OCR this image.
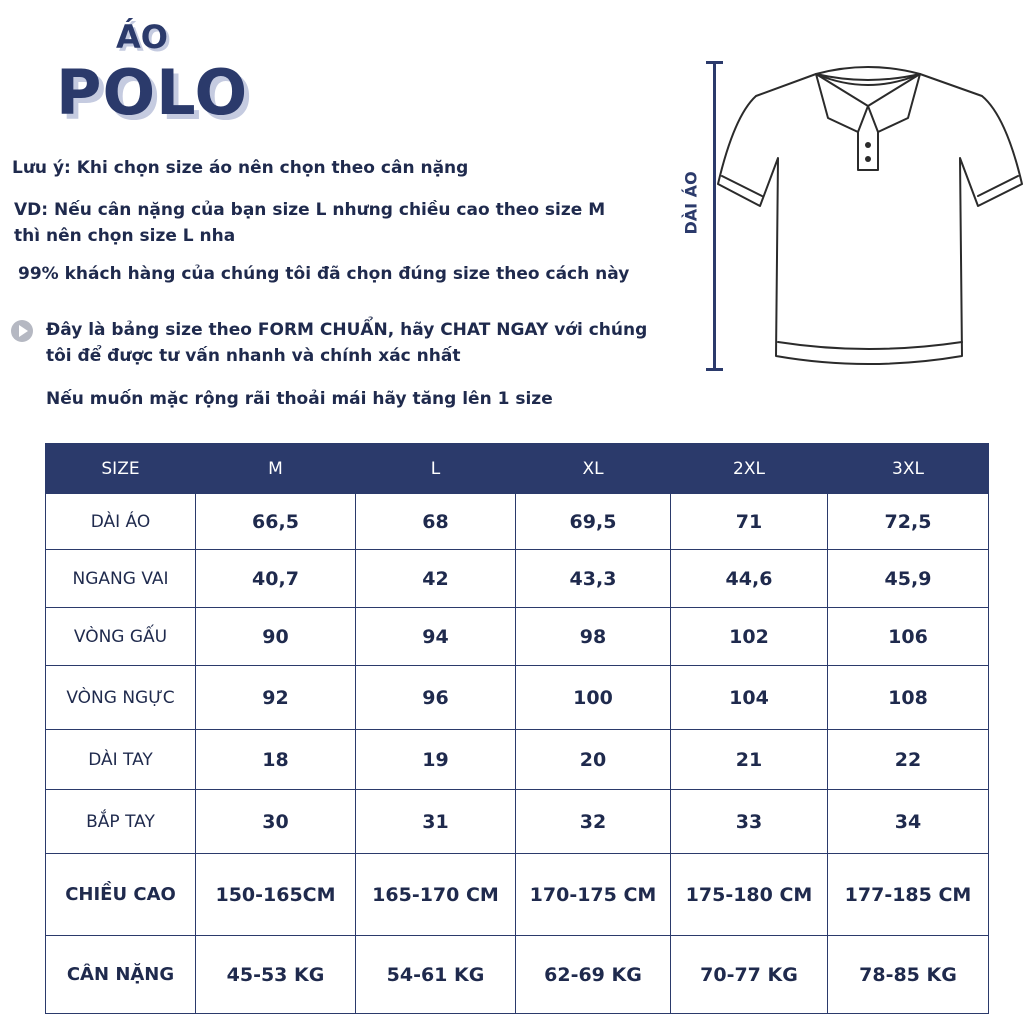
ÁO
POLO
Lưu ý: Khi chọn size áo nên chọn theo cân nặng
VD: Nếu cân nặng của bạn size L nhưng chiều cao theo size M
thì nên chọn size L nha
99% khách hàng của chúng tôi đã chọn đúng size theo cách này
Đây là bảng size theo FORM CHUẨN, hãy CHAT NGAY với chúng
tôi để được tư vấn nhanh và chính xác nhất
Nếu muốn mặc rộng rãi thoải mái hãy tăng lên 1 size
DÀI ÁO
SIZE	M	L	XL	2XL	3XL
DÀI ÁO	66,5	68	69,5	71	72,5
NGANG VAI	40,7	42	43,3	44,6	45,9
VÒNG GẤU	90	94	98	102	106
VÒNG NGỰC	92	96	100	104	108
DÀI TAY	18	19	20	21	22
BẮP TAY	30	31	32	33	34
CHIỀU CAO	150-165CM	165-170 CM	170-175 CM	175-180 CM	177-185 CM
CÂN NẶNG	45-53 KG	54-61 KG	62-69 KG	70-77 KG	78-85 KG
